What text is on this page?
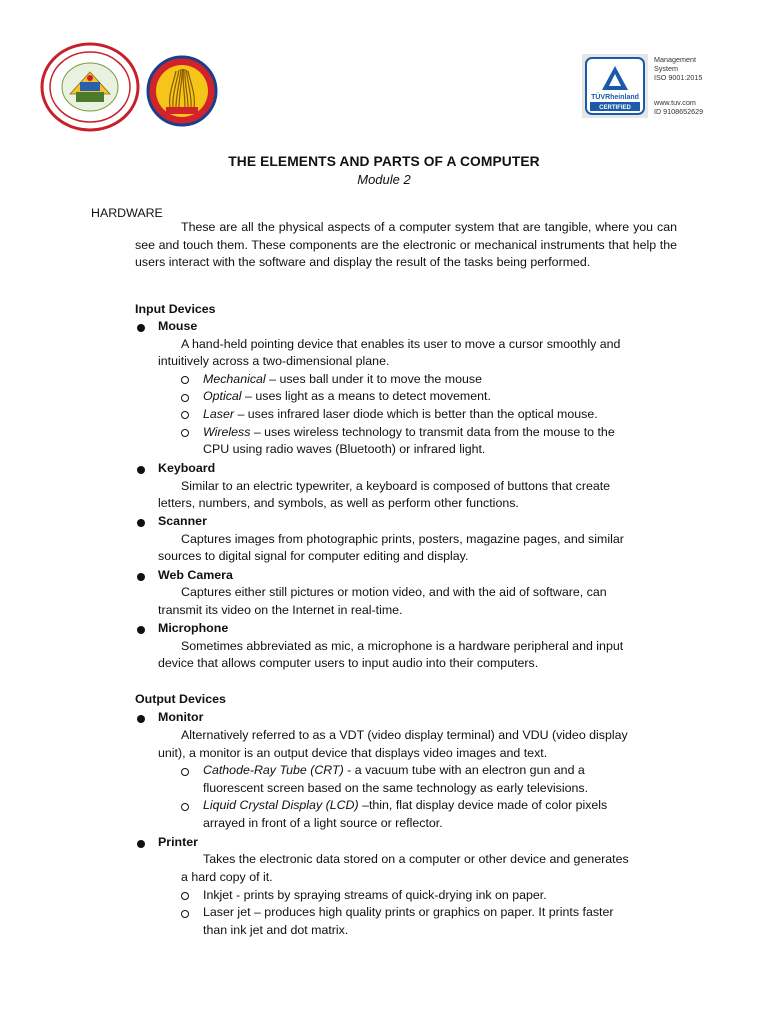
TÜVRheinland
CERTIFIED
Management
System
ISO 9001:2015
www.tuv.com
ID 9108652629
THE ELEMENTS AND PARTS OF A COMPUTER
Module 2
HARDWARE
These are all the physical aspects of a computer system that are tangible, where you can see and touch them. These components are the electronic or mechanical instruments that help the users interact with the software and display the result of the tasks being performed.
Input Devices
Mouse
A hand-held pointing device that enables its user to move a cursor smoothly and
intuitively across a two-dimensional plane.
Mechanical – uses ball under it to move the mouse
Optical – uses light as a means to detect movement.
Laser – uses infrared laser diode which is better than the optical mouse.
Wireless – uses wireless technology to transmit data from the mouse to the
CPU using radio waves (Bluetooth) or infrared light.
Keyboard
Similar to an electric typewriter, a keyboard is composed of buttons that create
letters, numbers, and symbols, as well as perform other functions.
Scanner
Captures images from photographic prints, posters, magazine pages, and similar
sources to digital signal for computer editing and display.
Web Camera
Captures either still pictures or motion video, and with the aid of software, can
transmit its video on the Internet in real-time.
Microphone
Sometimes abbreviated as mic, a microphone is a hardware peripheral and input
device that allows computer users to input audio into their computers.
Output Devices
Monitor
Alternatively referred to as a VDT (video display terminal) and VDU (video display
unit), a monitor is an output device that displays video images and text.
Cathode-Ray Tube (CRT) - a vacuum tube with an electron gun and a
fluorescent screen based on the same technology as early televisions.
Liquid Crystal Display (LCD) –thin, flat display device made of color pixels
arrayed in front of a light source or reflector.
Printer
Takes the electronic data stored on a computer or other device and generates
a hard copy of it.
Inkjet - prints by spraying streams of quick-drying ink on paper.
Laser jet – produces high quality prints or graphics on paper. It prints faster
than ink jet and dot matrix.
